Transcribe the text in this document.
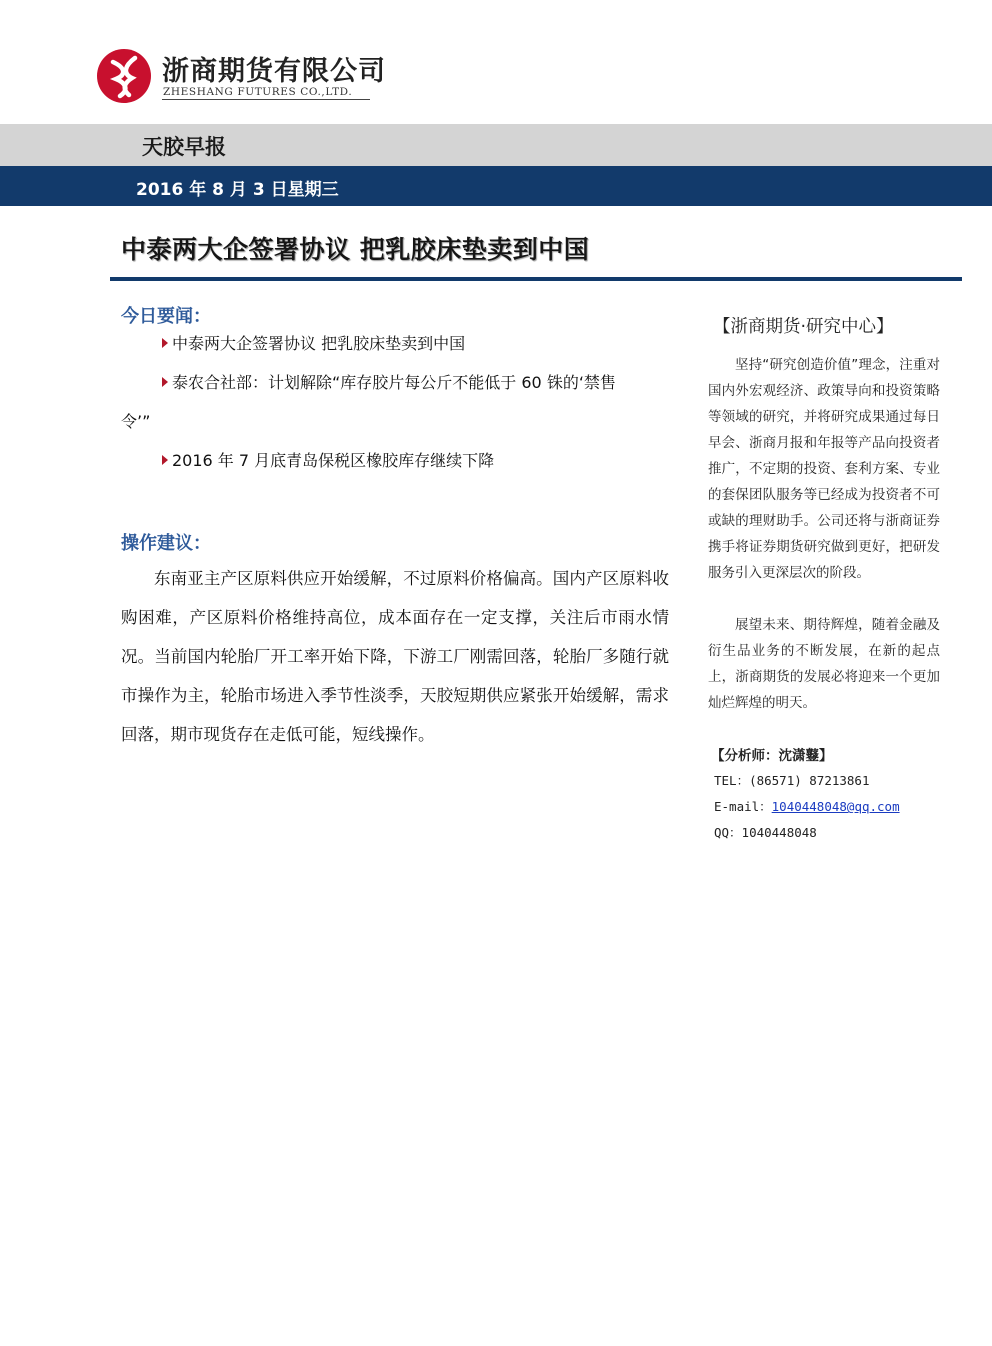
浙商期货有限公司
ZHESHANG FUTURES CO.,LTD.
天胶早报
2016 年 8 月 3 日星期三
中泰两大企签署协议 把乳胶床垫卖到中国
今日要闻：
中泰两大企签署协议 把乳胶床垫卖到中国
泰农合社部：计划解除“库存胶片每公斤不能低于 60 铢的‘禁售
令’”
2016 年 7 月底青岛保税区橡胶库存继续下降
操作建议：
东南亚主产区原料供应开始缓解，不过原料价格偏高。国内产区原料收购困难，产区原料价格维持高位，成本面存在一定支撑，关注后市雨水情况。当前国内轮胎厂开工率开始下降，下游工厂刚需回落，轮胎厂多随行就市操作为主，轮胎市场进入季节性淡季，天胶短期供应紧张开始缓解，需求回落，期市现货存在走低可能，短线操作。
【浙商期货·研究中心】
坚持“研究创造价值”理念，注重对国内外宏观经济、政策导向和投资策略等领域的研究，并将研究成果通过每日早会、浙商月报和年报等产品向投资者推广，不定期的投资、套利方案、专业的套保团队服务等已经成为投资者不可或缺的理财助手。公司还将与浙商证券携手将证券期货研究做到更好，把研发服务引入更深层次的阶段。
展望未来、期待辉煌，随着金融及衍生品业务的不断发展，在新的起点上，浙商期货的发展必将迎来一个更加灿烂辉煌的明天。
【分析师：沈潇鼟】
TEL：(86571) 87213861
E-mail：1040448048@qq.com
QQ：1040448048
